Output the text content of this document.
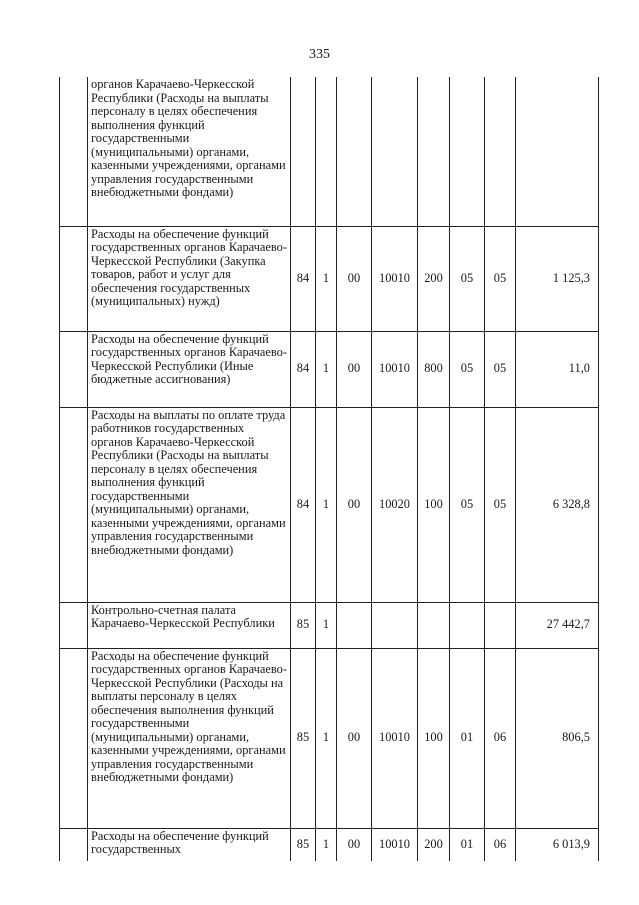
335
	органов Карачаево-Черкесской Республики (Расходы на выплаты персоналу в целях обеспечения выполнения функций государственными (муниципальными) органами, казенными учреждениями, органами управления государственными внебюджетными фондами)								
	Расходы на обеспечение функций государственных органов Карачаево-Черкесской Республики (Закупка товаров, работ и услуг для обеспечения государственных (муниципальных) нужд)	84	1	00	10010	200	05	05	1 125,3
	Расходы на обеспечение функций государственных органов Карачаево-Черкесской Республики (Иные бюджетные ассигнования)	84	1	00	10010	800	05	05	11,0
	Расходы на выплаты по оплате труда работников государственных органов Карачаево-Черкесской Республики (Расходы на выплаты персоналу в целях обеспечения выполнения функций государственными (муниципальными) органами, казенными учреждениями, органами управления государственными внебюджетными фондами)	84	1	00	10020	100	05	05	6 328,8
	Контрольно-счетная палата Карачаево-Черкесской Республики	85	1						27 442,7
	Расходы на обеспечение функций государственных органов Карачаево-Черкесской Республики (Расходы на выплаты персоналу в целях обеспечения выполнения функций государственными (муниципальными) органами, казенными учреждениями, органами управления государственными внебюджетными фондами)	85	1	00	10010	100	01	06	806,5
	Расходы на обеспечение функций государственных	85	1	00	10010	200	01	06	6 013,9
